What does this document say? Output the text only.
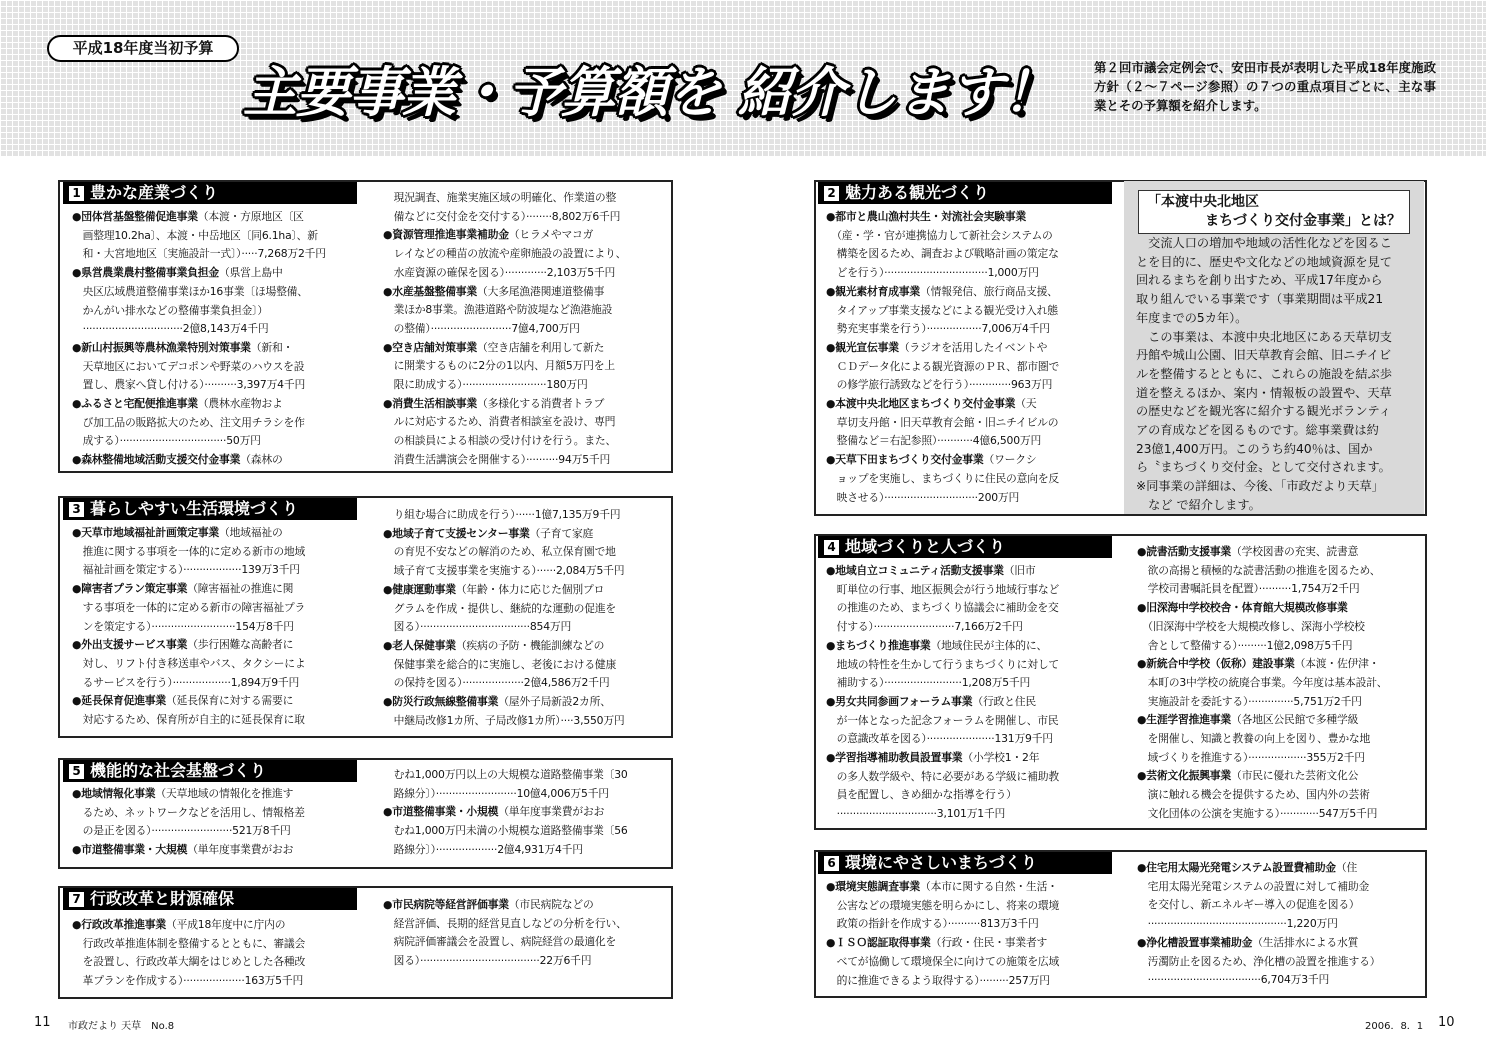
平成18年度当初予算
主要事業・予算額を 紹介します！	第２回市議会定例会で、安田市長が表明した平成18年度施政方針（２～７ページ参照）の７つの重点項目ごとに、主な事業とその予算額を紹介します。
1 豊かな産業づくり
●団体営基盤整備促進事業（本渡・方原地区〔区
　画整理10.2ha〕、本渡・中岳地区〔同6.1ha〕、新
　和・大宮地地区〔実施設計一式〕）·····7,268万2千円
●県営農業農村整備事業負担金（県営上島中
　央区広域農道整備事業ほか16事業〔ほ場整備、
　かんがい排水などの整備事業負担金〕）
　·······························2億8,143万4千円
●新山村振興等農林漁業特別対策事業（新和・
　天草地区においてデコポンや野菜のハウスを設
　置し、農家へ貸し付ける）··········3,397万4千円
●ふるさと宅配便推進事業（農林水産物およ
　び加工品の販路拡大のため、注文用チラシを作
　成する）·································50万円
●森林整備地域活動支援交付金事業（森林の
　現況調査、施業実施区域の明確化、作業道の整
　備などに交付金を交付する）········8,802万6千円
●資源管理推進事業補助金（ヒラメやマコガ
　レイなどの種苗の放流や産卵施設の設置により、
　水産資源の確保を図る）·············2,103万5千円
●水産基盤整備事業（大多尾漁港関連道整備事
　業ほか8事業。漁港道路や防波堤など漁港施設
　の整備）·························7億4,700万円
●空き店舗対策事業（空き店舗を利用して新た
　に開業するものに2分の1以内、月額5万円を上
　限に助成する）··························180万円
●消費生活相談事業（多様化する消費者トラブ
　ルに対応するため、消費者相談室を設け、専門
　の相談員による相談の受け付けを行う。また、
　消費生活講演会を開催する）··········94万5千円
3 暮らしやすい生活環境づくり
●天草市地域福祉計画策定事業（地域福祉の
　推進に関する事項を一体的に定める新市の地域
　福祉計画を策定する）··················139万3千円
●障害者プラン策定事業（障害福祉の推進に関
　する事項を一体的に定める新市の障害福祉プラ
　ンを策定する）··························154万8千円
●外出支援サービス事業（歩行困難な高齢者に
　対し、リフト付き移送車やバス、タクシーによ
　るサービスを行う）··················1,894万9千円
●延長保育促進事業（延長保育に対する需要に
　対応するため、保育所が自主的に延長保育に取
　り組む場合に助成を行う）······1億7,135万9千円
●地域子育て支援センター事業（子育て家庭
　の育児不安などの解消のため、私立保育園で地
　域子育て支援事業を実施する）······2,084万5千円
●健康運動事業（年齢・体力に応じた個別プロ
　グラムを作成・提供し、継続的な運動の促進を
　図る）··································854万円
●老人保健事業（疾病の予防・機能訓練などの
　保健事業を総合的に実施し、老後における健康
　の保持を図る）···················2億4,586万2千円
●防災行政無線整備事業（屋外子局新設2カ所、
　中継局改修1カ所、子局改修1カ所）····3,550万円
5 機能的な社会基盤づくり
●地域情報化事業（天草地域の情報化を推進す
　るため、ネットワークなどを活用し、情報格差
　の是正を図る）·························521万8千円
●市道整備事業・大規模（単年度事業費がおお
　むね1,000万円以上の大規模な道路整備事業〔30
　路線分〕）·························10億4,006万5千円
●市道整備事業・小規模（単年度事業費がおお
　むね1,000万円未満の小規模な道路整備事業〔56
　路線分〕）···················2億4,931万4千円
7 行政改革と財源確保
●行政改革推進事業（平成18年度中に庁内の
　行政改革推進体制を整備するとともに、審議会
　を設置し、行政改革大綱をはじめとした各種改
　革プランを作成する）···················163万5千円
●市民病院等経営評価事業（市民病院などの
　経営評価、長期的経営見直しなどの分析を行い、
　病院評価審議会を設置し、病院経営の最適化を
　図る）·····································22万6千円
2 魅力ある観光づくり
●都市と農山漁村共生・対流社会実験事業
　（産・学・官が連携協力して新社会システムの
　構築を図るため、調査および戦略計画の策定な
　どを行う）································1,000万円
●観光素材育成事業（情報発信、旅行商品支援、
　タイアップ事業支援などによる観光受け入れ態
　勢充実事業を行う）·················7,006万4千円
●観光宣伝事業（ラジオを活用したイベントや
　ＣＤデータ化による観光資源のＰＲ、都市圏で
　の修学旅行誘致などを行う）·············963万円
●本渡中央北地区まちづくり交付金事業（天
　草切支丹館・旧天草教育会館・旧ニチイビルの
　整備など＝右記参照）···········4億6,500万円
●天草下田まちづくり交付金事業（ワークシ
　ョップを実施し、まちづくりに住民の意向を反
　映させる）·····························200万円
「本渡中央北地区
まちづくり交付金事業」とは？
　交流人口の増加や地域の活性化などを図るこ
とを目的に、歴史や文化などの地域資源を見て
回れるまちを創り出すため、平成17年度から
取り組んでいる事業です（事業期間は平成21
年度までの5カ年）。
　この事業は、本渡中央北地区にある天草切支
丹館や城山公園、旧天草教育会館、旧ニチイビ
ルを整備するとともに、これらの施設を結ぶ歩
道を整えるほか、案内・情報板の設置や、天草
の歴史などを観光客に紹介する観光ボランティ
アの育成などを図るものです。総事業費は約
23億1,400万円。このうち約40％は、国か
ら〝まちづくり交付金〟として交付されます。
※同事業の詳細は、今後、「市政だより天草」
　など で紹介します。
4 地域づくりと人づくり
●地域自立コミュニティ活動支援事業（旧市
　町単位の行事、地区振興会が行う地域行事など
　の推進のため、まちづくり協議会に補助金を交
　付する）·························7,166万2千円
●まちづくり推進事業（地域住民が主体的に、
　地域の特性を生かして行うまちづくりに対して
　補助する）························1,208万5千円
●男女共同参画フォーラム事業（行政と住民
　が一体となった記念フォーラムを開催し、市民
　の意識改革を図る）·····················131万9千円
●学習指導補助教員設置事業（小学校1・2年
　の多人数学級や、特に必要がある学級に補助教
　員を配置し、きめ細かな指導を行う）
　·······························3,101万1千円
●読書活動支援事業（学校図書の充実、読書意
　欲の高揚と積極的な読書活動の推進を図るため、
　学校司書嘱託員を配置）··········1,754万2千円
●旧深海中学校校舎・体育館大規模改修事業
　（旧深海中学校を大規模改修し、深海小学校校
　舎として整備する）·········1億2,098万5千円
●新統合中学校（仮称）建設事業（本渡・佐伊津・
　本町の3中学校の統廃合事業。今年度は基本設計、
　実施設計を委託する）··············5,751万2千円
●生涯学習推進事業（各地区公民館で多種学級
　を開催し、知識と教養の向上を図り、豊かな地
　域づくりを推進する）··················355万2千円
●芸術文化振興事業（市民に優れた芸術文化公
　演に触れる機会を提供するため、国内外の芸術
　文化団体の公演を実施する）············547万5千円
6 環境にやさしいまちづくり
●環境実態調査事業（本市に関する自然・生活・
　公害などの環境実態を明らかにし、将来の環境
　政策の指針を作成する）··········813万3千円
●ＩＳＯ認証取得事業（行政・住民・事業者す
　べてが協働して環境保全に向けての施策を広域
　的に推進できるよう取得する）·········257万円
●住宅用太陽光発電システム設置費補助金（住
　宅用太陽光発電システムの設置に対して補助金
　を交付し、新エネルギー導入の促進を図る）
　···········································1,220万円
●浄化槽設置事業補助金（生活排水による水質
　汚濁防止を図るため、浄化槽の設置を推進する）
　···································6,704万3千円
11 市政だより 天草　No.8	2006．8．1 10
